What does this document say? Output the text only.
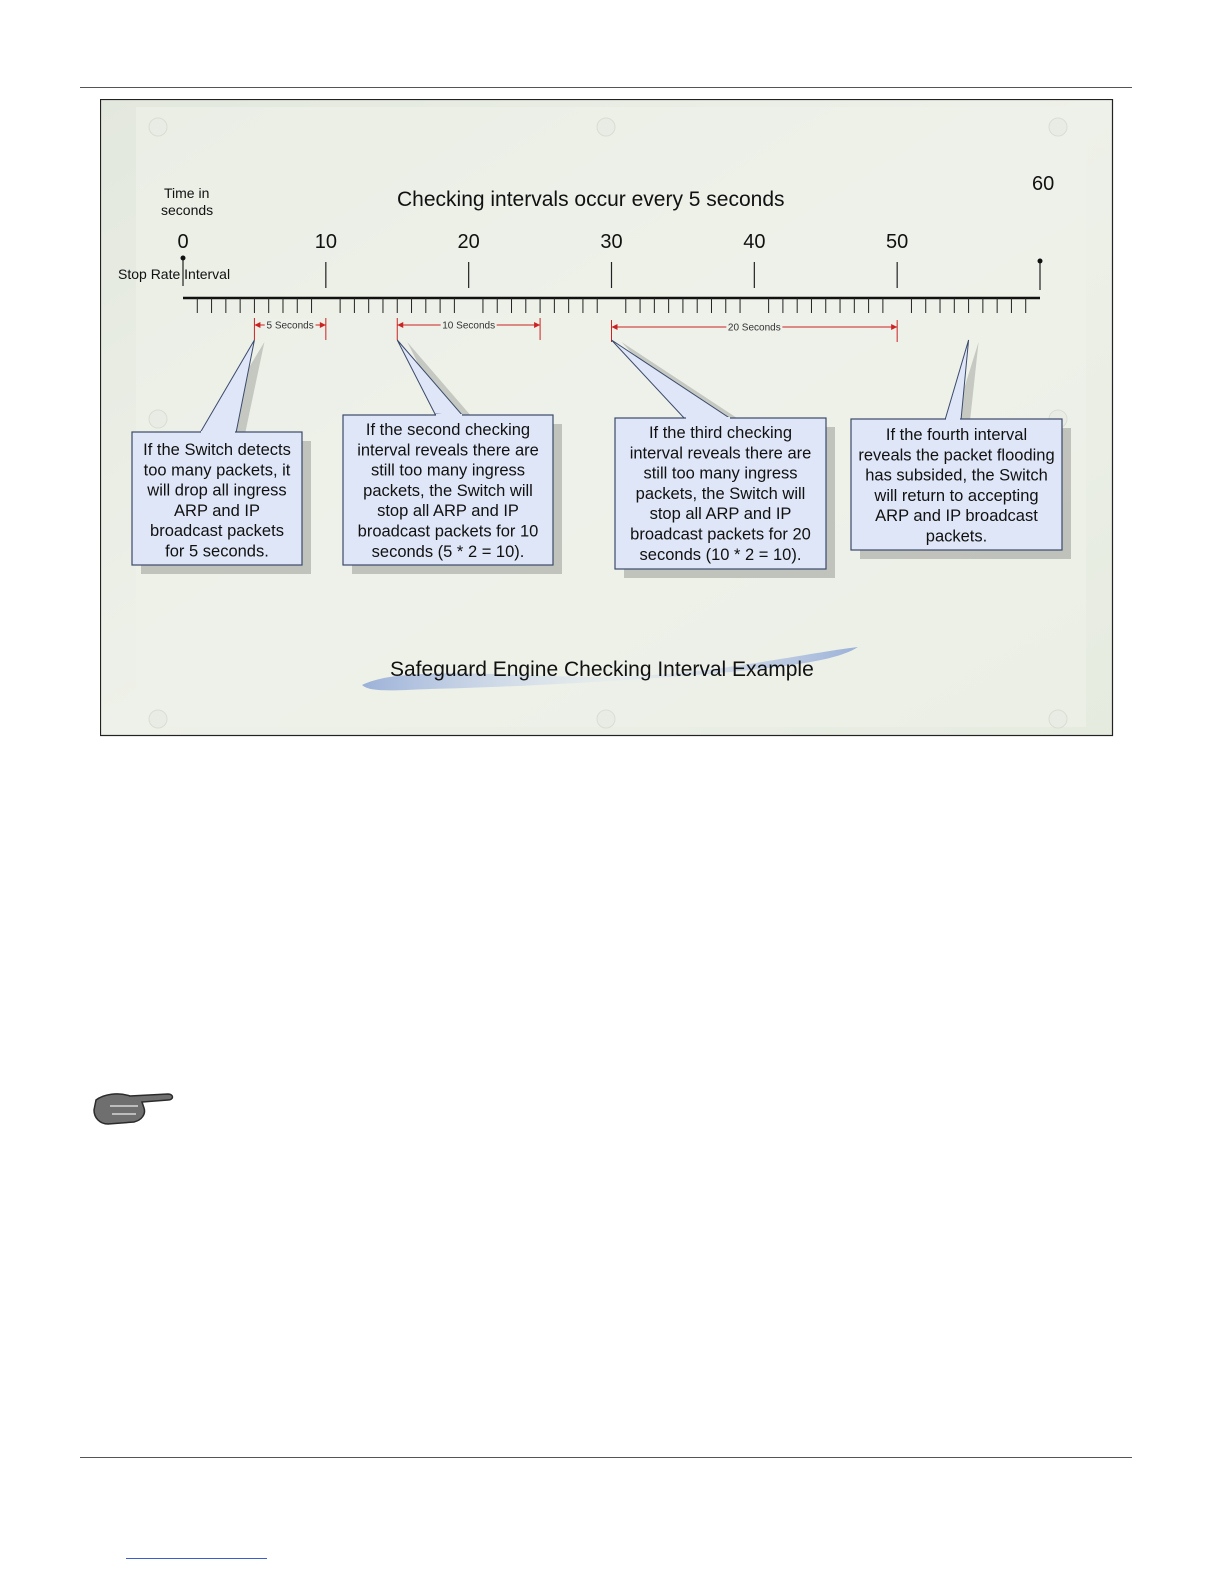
Time in
seconds	Checking intervals occur every 5 seconds
60
Stop Rate Interval
0	10	20	30	40	50
5 Seconds	10 Seconds	20 Seconds
If the Switch detects
too many packets, it
will drop all ingress
ARP and IP
broadcast packets
for 5 seconds.
If the second checking
interval reveals there are
still too many ingress
packets, the Switch will
stop all ARP and IP
broadcast packets for 10
seconds (5 * 2 = 10).
If the third checking
interval reveals there are
still too many ingress
packets, the Switch will
stop all ARP and IP
broadcast packets for 20
seconds (10 * 2 = 10).
If the fourth interval
reveals the packet flooding
has subsided, the Switch
will return to accepting
ARP and IP broadcast
packets.
Safeguard Engine Checking Interval Example
